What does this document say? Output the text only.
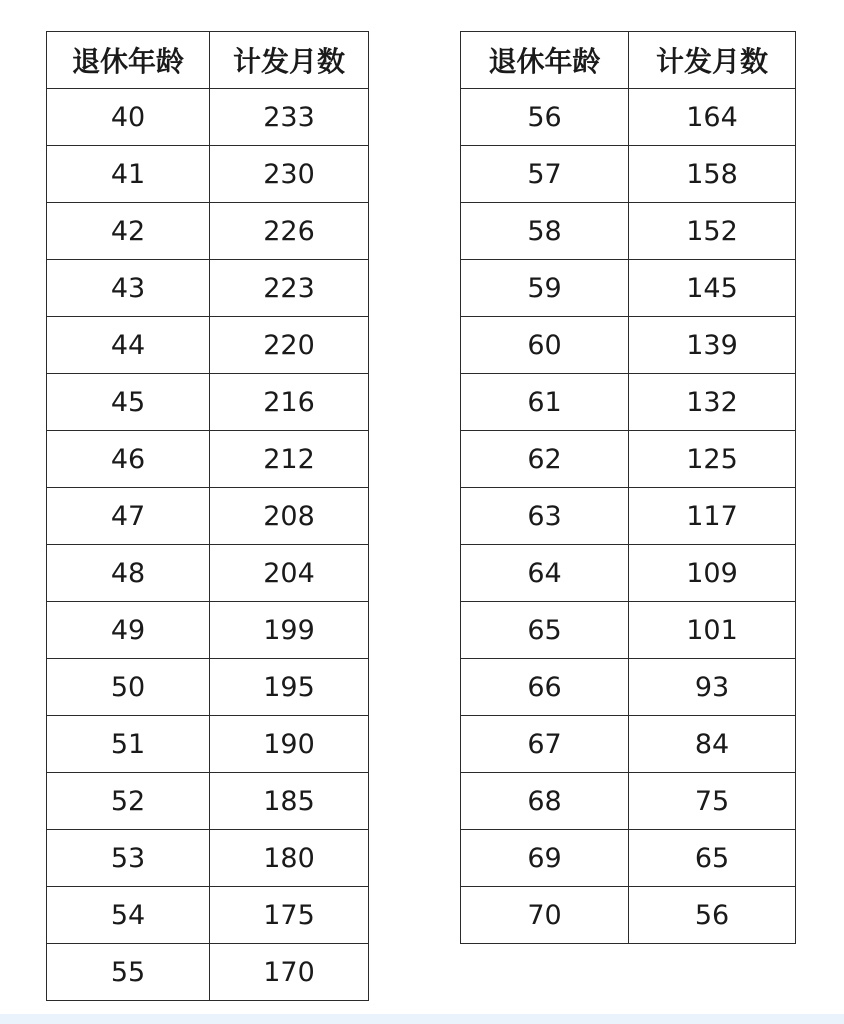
退休年龄	计发月数
40	233
41	230
42	226
43	223
44	220
45	216
46	212
47	208
48	204
49	199
50	195
51	190
52	185
53	180
54	175
55	170
退休年龄	计发月数
56	164
57	158
58	152
59	145
60	139
61	132
62	125
63	117
64	109
65	101
66	93
67	84
68	75
69	65
70	56
